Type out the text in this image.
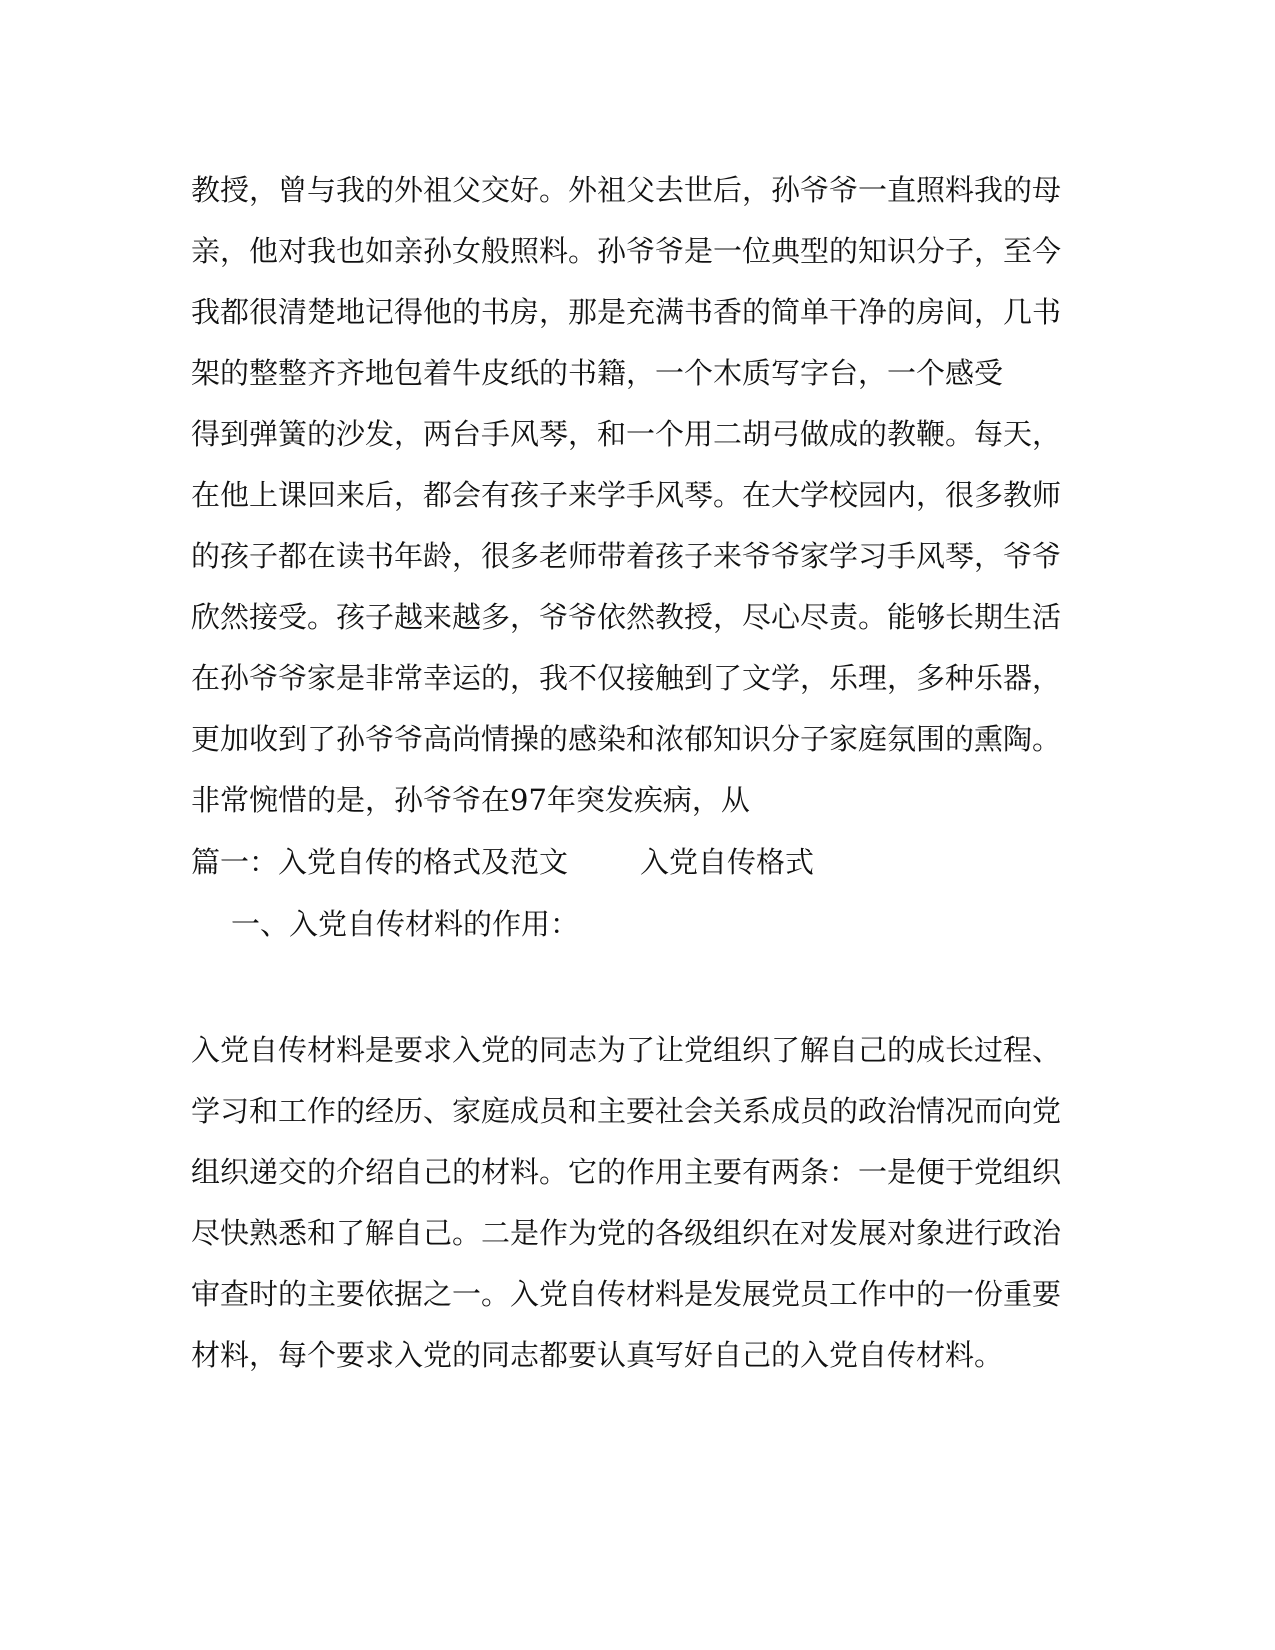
教授，曾与我的外祖父交好。外祖父去世后，孙爷爷一直照料我的母
亲，他对我也如亲孙女般照料。孙爷爷是一位典型的知识分子，至今
我都很清楚地记得他的书房，那是充满书香的简单干净的房间，几书
架的整整齐齐地包着牛皮纸的书籍，一个木质写字台，一个感受
得到弹簧的沙发，两台手风琴，和一个用二胡弓做成的教鞭。每天，
在他上课回来后，都会有孩子来学手风琴。在大学校园内，很多教师
的孩子都在读书年龄，很多老师带着孩子来爷爷家学习手风琴，爷爷
欣然接受。孩子越来越多，爷爷依然教授，尽心尽责。能够长期生活
在孙爷爷家是非常幸运的，我不仅接触到了文学，乐理，多种乐器，
更加收到了孙爷爷高尚情操的感染和浓郁知识分子家庭氛围的熏陶。
非常惋惜的是，孙爷爷在97年突发疾病，从
篇一：入党自传的格式及范文 入党自传格式
一、入党自传材料的作用：
入党自传材料是要求入党的同志为了让党组织了解自己的成长过程、
学习和工作的经历、家庭成员和主要社会关系成员的政治情况而向党
组织递交的介绍自己的材料。它的作用主要有两条：一是便于党组织
尽快熟悉和了解自己。二是作为党的各级组织在对发展对象进行政治
审查时的主要依据之一。入党自传材料是发展党员工作中的一份重要
材料，每个要求入党的同志都要认真写好自己的入党自传材料。
